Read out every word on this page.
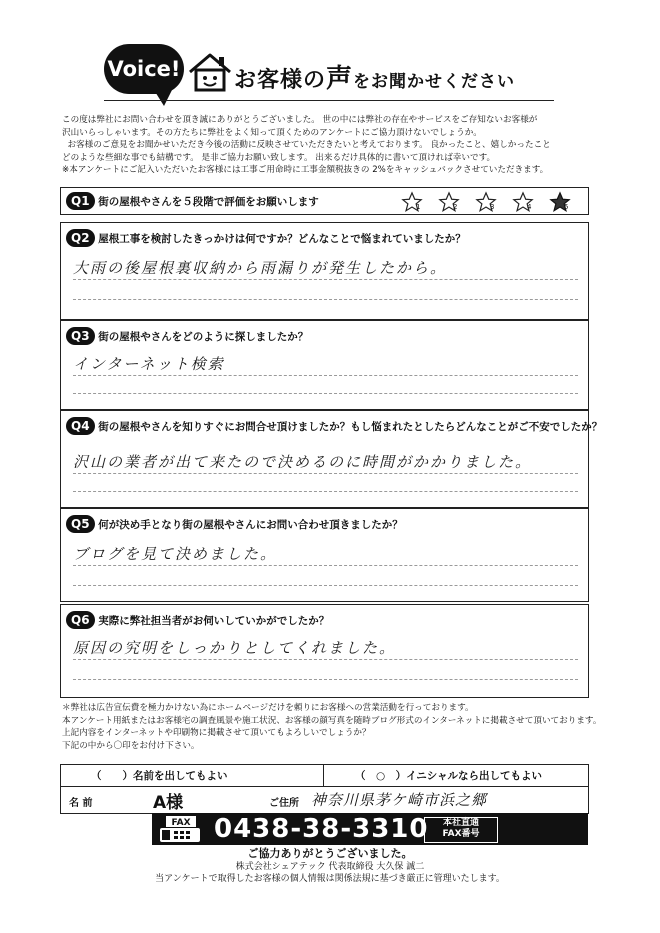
Voice! お客様の声をお聞かせください
この度は弊社にお問い合わせを頂き誠にありがとうございました。 世の中には弊社の存在やサービスをご存知ないお客様が
沢山いらっしゃいます。その方たちに弊社をよく知って頂くためのアンケートにご協力頂けないでしょうか。
お客様のご意見をお聞かせいただき今後の活動に反映させていただきたいと考えております。 良かったこと、嬉しかったこと
どのような些細な事でも結構です。 是非ご協力お願い致します。 出来るだけ具体的に書いて頂ければ幸いです。
※本アンケートにご記入いただいたお客様には工事ご用命時に工事金額税抜きの 2%をキャッシュバックさせていただきます。
Q1 街の屋根やさんを５段階で評価をお願いします	1	2	3	4	5
Q2 屋根工事を検討したきっかけは何ですか？どんなことで悩まれていましたか？
大雨の後屋根裏収納から雨漏りが発生したから。
Q3 街の屋根やさんをどのように探しましたか？
インターネット検索
Q4 街の屋根やさんを知りすぐにお問合せ頂けましたか？もし悩まれたとしたらどんなことがご不安でしたか？
沢山の業者が出て来たので決めるのに時間がかかりました。
Q5 何が決め手となり街の屋根やさんにお問い合わせ頂きましたか？
ブログを見て決めました。
Q6 実際に弊社担当者がお伺いしていかがでしたか？
原因の究明をしっかりとしてくれました。
＊弊社は広告宣伝費を極力かけない為にホームページだけを頼りにお客様への営業活動を行っております。
本アンケート用紙またはお客様宅の調査風景や施工状況、お客様の顔写真を随時ブログ形式のインターネットに掲載させて頂いております。
上記内容をインターネットや印刷物に掲載させて頂いてもよろしいでしょうか？
下記の中から〇印をお付け下さい。
（　　）名前を出してもよい	（　○　）イニシャルなら出してもよい
名 前	A様	ご住所 神奈川県茅ケ崎市浜之郷
FAX 0438-38-3310	本社直通
FAX番号
ご協力ありがとうございました。
株式会社シェアテック 代表取締役 大久保 誠二
当アンケートで取得したお客様の個人情報は関係法規に基づき厳正に管理いたします。
